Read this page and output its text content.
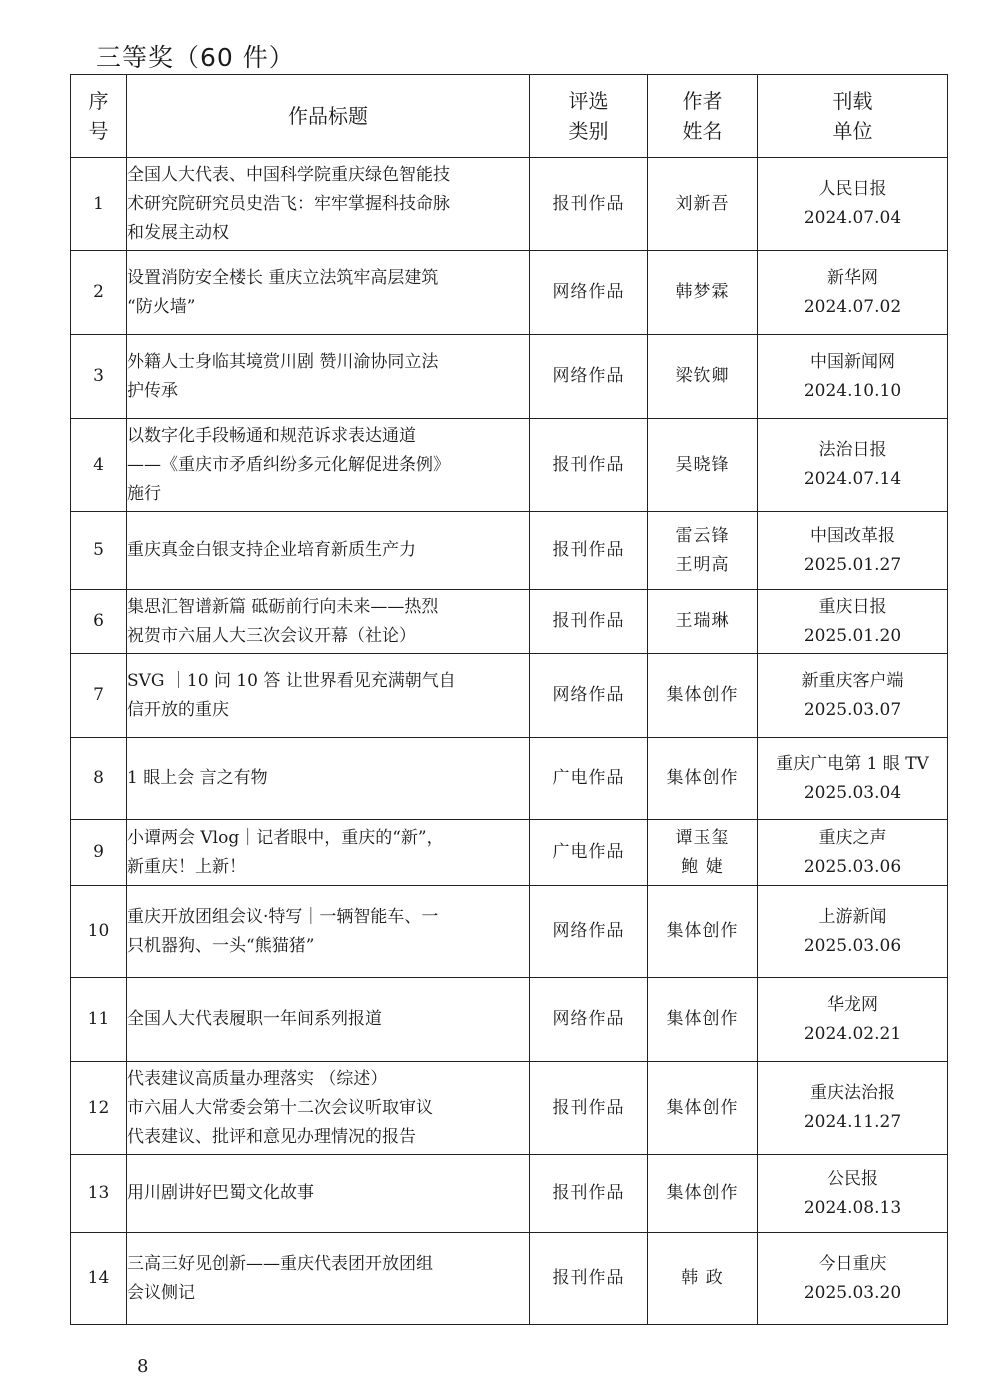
三等奖（60 件）
序
号	作品标题	评选
类别	作者
姓名	刊载
单位

1	全国人大代表、中国科学院重庆绿色智能技
术研究院研究员史浩飞：牢牢掌握科技命脉
和发展主动权	报刊作品	刘新吾	人民日报
2024.07.04

2	设置消防安全楼长 重庆立法筑牢高层建筑
“防火墙”	网络作品	韩梦霖	新华网
2024.07.02

3	外籍人士身临其境赏川剧 赞川渝协同立法
护传承	网络作品	梁钦卿	中国新闻网
2024.10.10

4	以数字化手段畅通和规范诉求表达通道
——《重庆市矛盾纠纷多元化解促进条例》
施行	报刊作品	吴晓锋	法治日报
2024.07.14

5	重庆真金白银支持企业培育新质生产力	报刊作品	雷云锋
王明高	中国改革报
2025.01.27

6	集思汇智谱新篇 砥砺前行向未来——热烈
祝贺市六届人大三次会议开幕（社论）	报刊作品	王瑞琳	重庆日报
2025.01.20

7	SVG ｜10 问 10 答 让世界看见充满朝气自
信开放的重庆	网络作品	集体创作	新重庆客户端
2025.03.07

8	1 眼上会 言之有物	广电作品	集体创作	重庆广电第 1 眼 TV
2025.03.04

9	小谭两会 Vlog｜记者眼中，重庆的“新”，
新重庆！上新！	广电作品	谭玉玺
鲍 婕	重庆之声
2025.03.06

10	重庆开放团组会议·特写｜一辆智能车、一
只机器狗、一头“熊猫猪”	网络作品	集体创作	上游新闻
2025.03.06

11	全国人大代表履职一年间系列报道	网络作品	集体创作	华龙网
2024.02.21

12	代表建议高质量办理落实 （综述）
市六届人大常委会第十二次会议听取审议
代表建议、批评和意见办理情况的报告	报刊作品	集体创作	重庆法治报
2024.11.27

13	用川剧讲好巴蜀文化故事	报刊作品	集体创作	公民报
2024.08.13

14	三高三好见创新——重庆代表团开放团组
会议侧记	报刊作品	韩 政	今日重庆
2025.03.20
8
